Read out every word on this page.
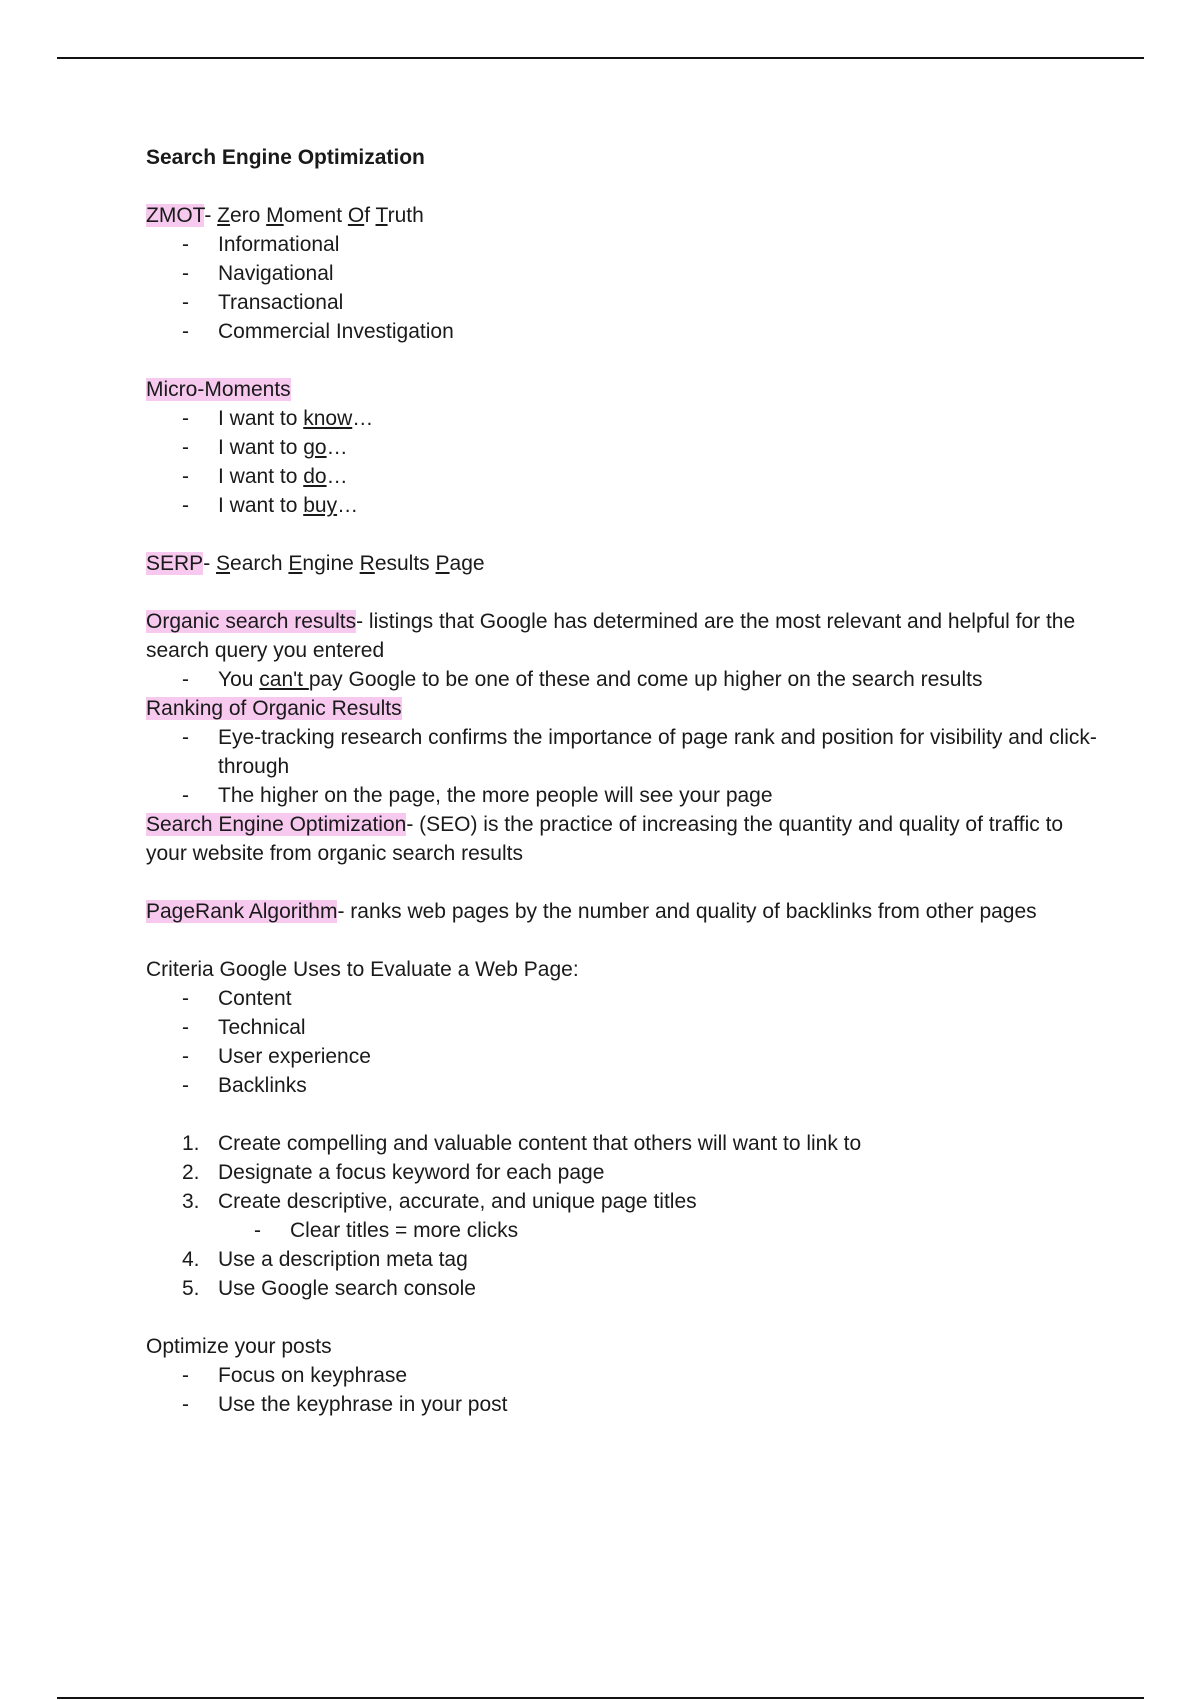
Search Engine Optimization

ZMOT- Zero Moment Of Truth

- Informational
- Navigational
- Transactional
- Commercial Investigation

Micro-Moments

- I want to know…
- I want to go…
- I want to do…
- I want to buy…

SERP- Search Engine Results Page

Organic search results- listings that Google has determined are the most relevant and helpful for the search query you entered

- You can't pay Google to be one of these and come up higher on the search results

Ranking of Organic Results

- Eye-tracking research confirms the importance of page rank and position for visibility and click-through
- The higher on the page, the more people will see your page

Search Engine Optimization- (SEO) is the practice of increasing the quantity and quality of traffic to your website from organic search results

PageRank Algorithm- ranks web pages by the number and quality of backlinks from other pages

Criteria Google Uses to Evaluate a Web Page:

- Content
- Technical
- User experience
- Backlinks
1. Create compelling and valuable content that others will want to link to
2. Designate a focus keyword for each page
3. Create descriptive, accurate, and unique page titles
- Clear titles = more clicks
4. Use a description meta tag
5. Use Google search console

Optimize your posts

- Focus on keyphrase
- Use the keyphrase in your post
